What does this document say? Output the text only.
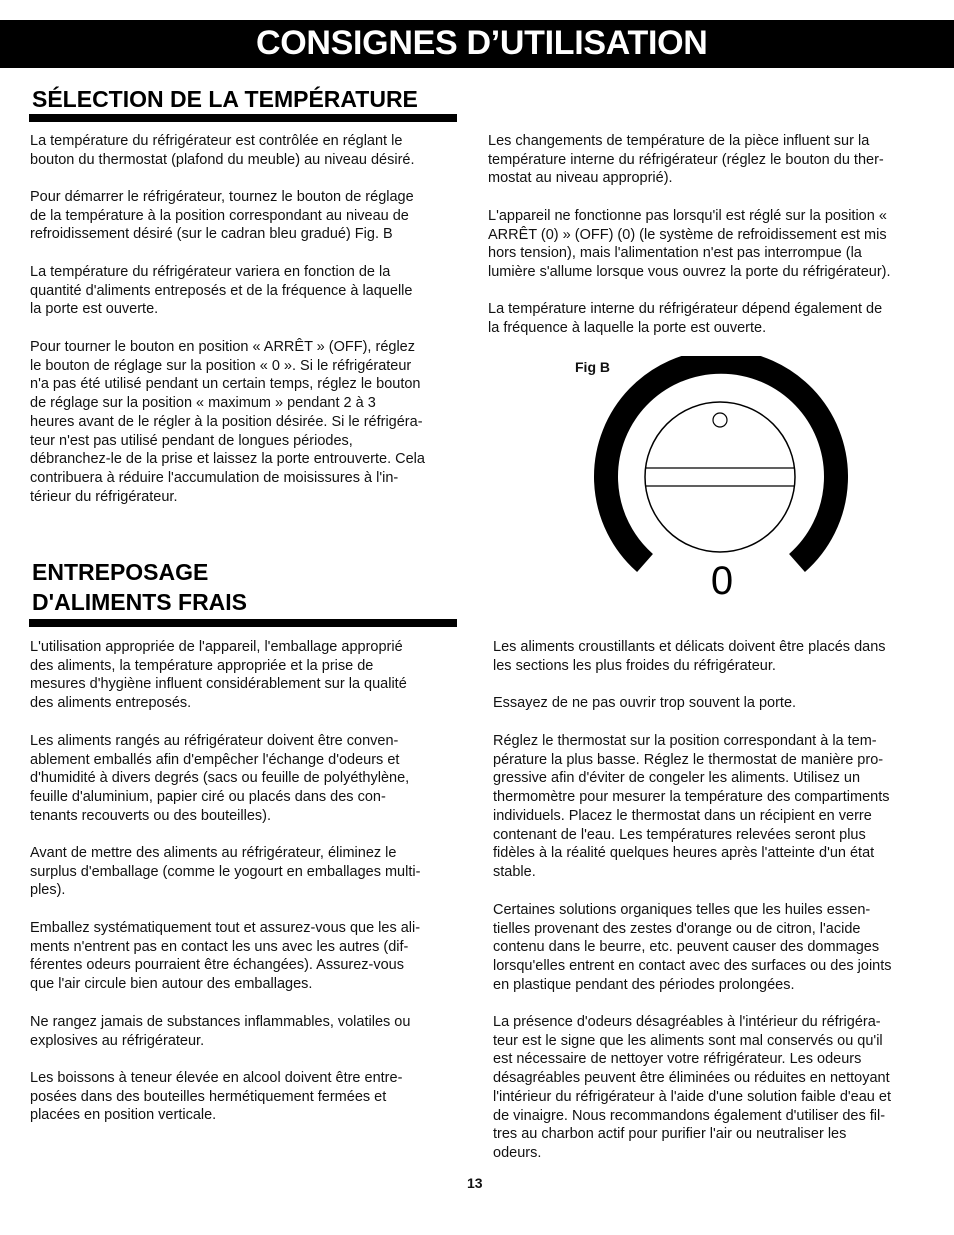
CONSIGNES D’UTILISATION
SÉLECTION DE LA TEMPÉRATURE

La température du réfrigérateur est contrôlée en réglant le
bouton du thermostat (plafond du meuble) au niveau désiré.

Pour démarrer le réfrigérateur, tournez le bouton de réglage
de la température à la position correspondant au niveau de
refroidissement désiré (sur le cadran bleu gradué) Fig. B

La température du réfrigérateur variera en fonction de la
quantité d'aliments entreposés et de la fréquence à laquelle
la porte est ouverte.

Pour tourner le bouton en position « ARRÊT » (OFF), réglez
le bouton de réglage sur la position « 0 ». Si le réfrigérateur
n'a pas été utilisé pendant un certain temps, réglez le bouton
de réglage sur la position « maximum » pendant 2 à 3
heures avant de le régler à la position désirée. Si le réfrigéra-
teur n'est pas utilisé pendant de longues périodes,
débranchez-le de la prise et laissez la porte entrouverte. Cela
contribuera à réduire l'accumulation de moisissures à l'in-
térieur du réfrigérateur.

Les changements de température de la pièce influent sur la
température interne du réfrigérateur (réglez le bouton du ther-
mostat au niveau approprié).

L'appareil ne fonctionne pas lorsqu'il est réglé sur la position «
ARRÊT (0) » (OFF) (0) (le système de refroidissement est mis
hors tension), mais l'alimentation n'est pas interrompue (la
lumière s'allume lorsque vous ouvrez la porte du réfrigérateur).

La température interne du réfrigérateur dépend également de
la fréquence à laquelle la porte est ouverte.

Fig B
0
ENTREPOSAGE
D'ALIMENTS FRAIS

L'utilisation appropriée de l'appareil, l'emballage approprié
des aliments, la température appropriée et la prise de
mesures d'hygiène influent considérablement sur la qualité
des aliments entreposés.

Les aliments rangés au réfrigérateur doivent être conven-
ablement emballés afin d'empêcher l'échange d'odeurs et
d'humidité à divers degrés (sacs ou feuille de polyéthylène,
feuille d'aluminium, papier ciré ou placés dans des con-
tenants recouverts ou des bouteilles).

Avant de mettre des aliments au réfrigérateur, éliminez le
surplus d'emballage (comme le yogourt en emballages multi-
ples).

Emballez systématiquement tout et assurez-vous que les ali-
ments n'entrent pas en contact les uns avec les autres (dif-
férentes odeurs pourraient être échangées). Assurez-vous
que l'air circule bien autour des emballages.

Ne rangez jamais de substances inflammables, volatiles ou
explosives au réfrigérateur.

Les boissons à teneur élevée en alcool doivent être entre-
posées dans des bouteilles hermétiquement fermées et
placées en position verticale.

Les aliments croustillants et délicats doivent être placés dans
les sections les plus froides du réfrigérateur.

Essayez de ne pas ouvrir trop souvent la porte.

Réglez le thermostat sur la position correspondant à la tem-
pérature la plus basse. Réglez le thermostat de manière pro-
gressive afin d'éviter de congeler les aliments. Utilisez un
thermomètre pour mesurer la température des compartiments
individuels. Placez le thermostat dans un récipient en verre
contenant de l'eau. Les températures relevées seront plus
fidèles à la réalité quelques heures après l'atteinte d'un état
stable.

Certaines solutions organiques telles que les huiles essen-
tielles provenant des zestes d'orange ou de citron, l'acide
contenu dans le beurre, etc. peuvent causer des dommages
lorsqu'elles entrent en contact avec des surfaces ou des joints
en plastique pendant des périodes prolongées.

La présence d'odeurs désagréables à l'intérieur du réfrigéra-
teur est le signe que les aliments sont mal conservés ou qu'il
est nécessaire de nettoyer votre réfrigérateur. Les odeurs
désagréables peuvent être éliminées ou réduites en nettoyant
l'intérieur du réfrigérateur à l'aide d'une solution faible d'eau et
de vinaigre. Nous recommandons également d'utiliser des fil-
tres au charbon actif pour purifier l'air ou neutraliser les
odeurs.

13
